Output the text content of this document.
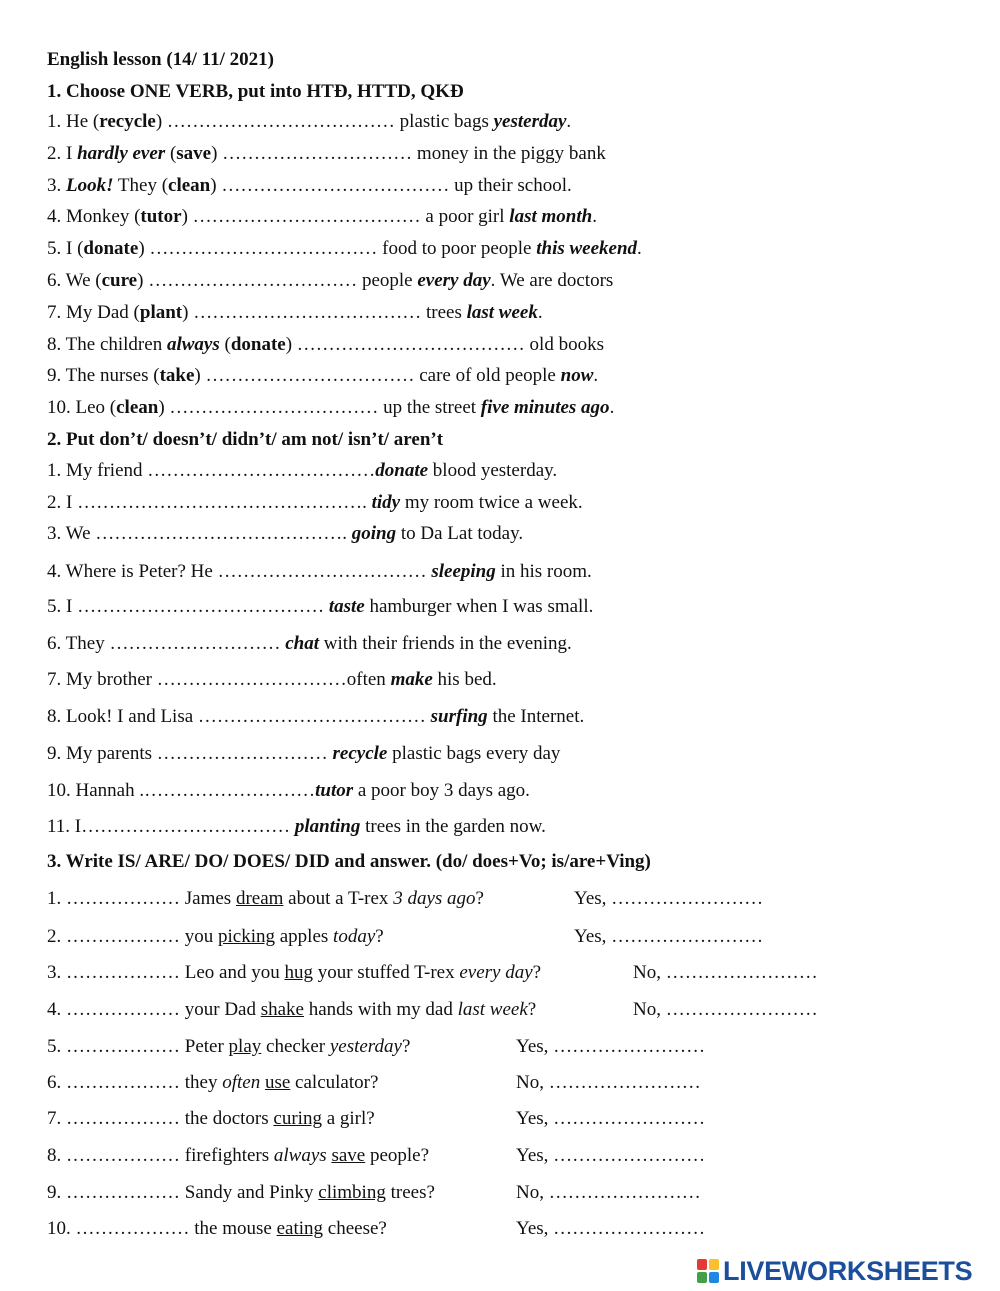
English lesson (14/ 11/ 2021)
1. Choose ONE VERB, put into HTĐ, HTTD, QKĐ
1. He (recycle) ……………………………… plastic bags yesterday.
2. I hardly ever (save) ………………………… money in the piggy bank
3. Look! They (clean) ……………………………… up their school.
4. Monkey (tutor) ……………………………… a poor girl last month.
5. I (donate) ……………………………… food to poor people this weekend.
6. We (cure) …………………………… people every day. We are doctors
7. My Dad (plant) ……………………………… trees last week.
8. The children always (donate) ……………………………… old books
9. The nurses (take) …………………………… care of old people now.
10. Leo (clean) …………………………… up the street five minutes ago.
2. Put don’t/ doesn’t/ didn’t/ am not/ isn’t/ aren’t
1. My friend ………………………………donate blood yesterday.
2. I ………………………………………. tidy my room twice a week.
3. We …………………………………. going to Da Lat today.
4. Where is Peter? He …………………………… sleeping in his room.
5. I ………………………………… taste hamburger when I was small.
6. They ……………………… chat with their friends in the evening.
7. My brother …………………………often make his bed.
8. Look! I and Lisa ……………………………… surfing the Internet.
9. My parents ……………………… recycle plastic bags every day
10. Hannah .………………………tutor a poor boy 3 days ago.
11. I…………………………… planting trees in the garden now.
3. Write IS/ ARE/ DO/ DOES/ DID and answer. (do/ does+Vo; is/are+Ving)
1. ……………… James dream about a T-rex 3 days ago?	Yes, ……………………
2. ……………… you picking apples today?	Yes, ……………………
3. ……………… Leo and you hug your stuffed T-rex every day?	No, ……………………
4. ……………… your Dad shake hands with my dad last week?	No, ……………………
5. ……………… Peter play checker yesterday?	Yes, ……………………
6. ……………… they often use calculator?	No, ……………………
7. ……………… the doctors curing a girl?	Yes, ……………………
8. ……………… firefighters always save people?	Yes, ……………………
9. ……………… Sandy and Pinky climbing trees?	No, ……………………
10. ……………… the mouse eating cheese?	Yes, ……………………
LIVEWORKSHEETS
